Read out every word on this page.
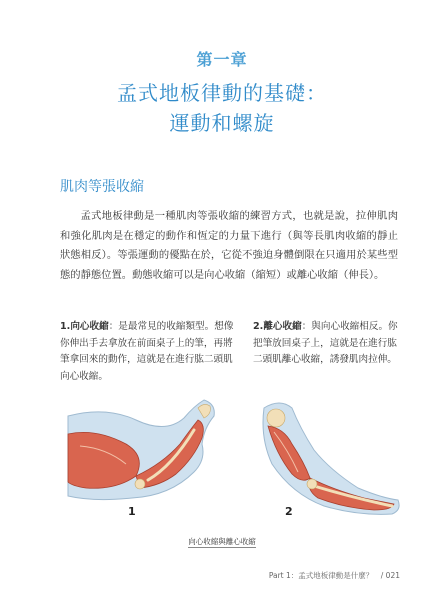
第一章
孟式地板律動的基礎：
運動和螺旋
肌肉等張收縮

孟式地板律動是一種肌肉等張收縮的練習方式，也就是說，拉伸肌肉和強化肌肉是在穩定的動作和恆定的力量下進行（與等長肌肉收縮的靜止狀態相反）。等張運動的優點在於，它從不強迫身體倒限在只適用於某些型態的靜態位置。動態收縮可以是向心收縮（縮短）或離心收縮（伸長）。

1.向心收縮：是最常見的收縮類型。想像你伸出手去拿放在前面桌子上的筆，再將筆拿回來的動作，這就是在進行肱二頭肌向心收縮。
2.離心收縮：與向心收縮相反。你把筆放回桌子上，這就是在進行肱二頭肌離心收縮，誘發肌肉拉伸。
1	2
向心收縮與離心收縮
Part 1：孟式地板律動是什麼？　/ 021
